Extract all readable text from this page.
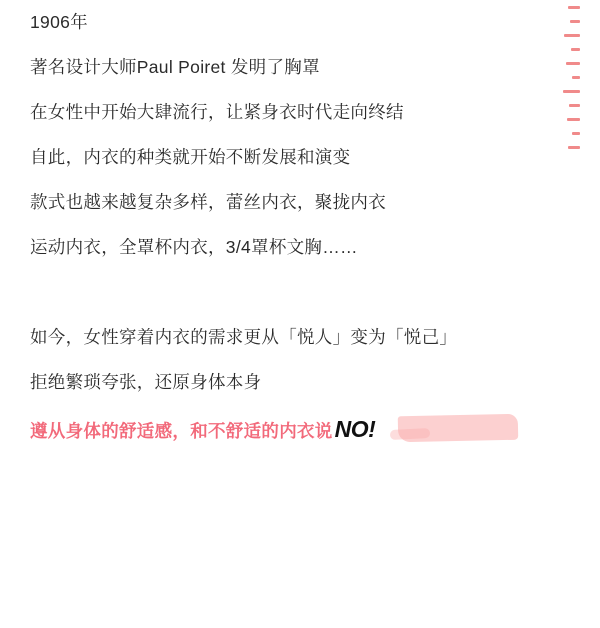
1906年
著名设计大师Paul Poiret 发明了胸罩
在女性中开始大肆流行，让紧身衣时代走向终结
自此，内衣的种类就开始不断发展和演变
款式也越来越复杂多样，蕾丝内衣，聚拢内衣
运动内衣，全罩杯内衣，3/4罩杯文胸……
如今，女性穿着内衣的需求更从「悦人」变为「悦己」
拒绝繁琐夸张，还原身体本身
遵从身体的舒适感，和不舒适的内衣说NO!
